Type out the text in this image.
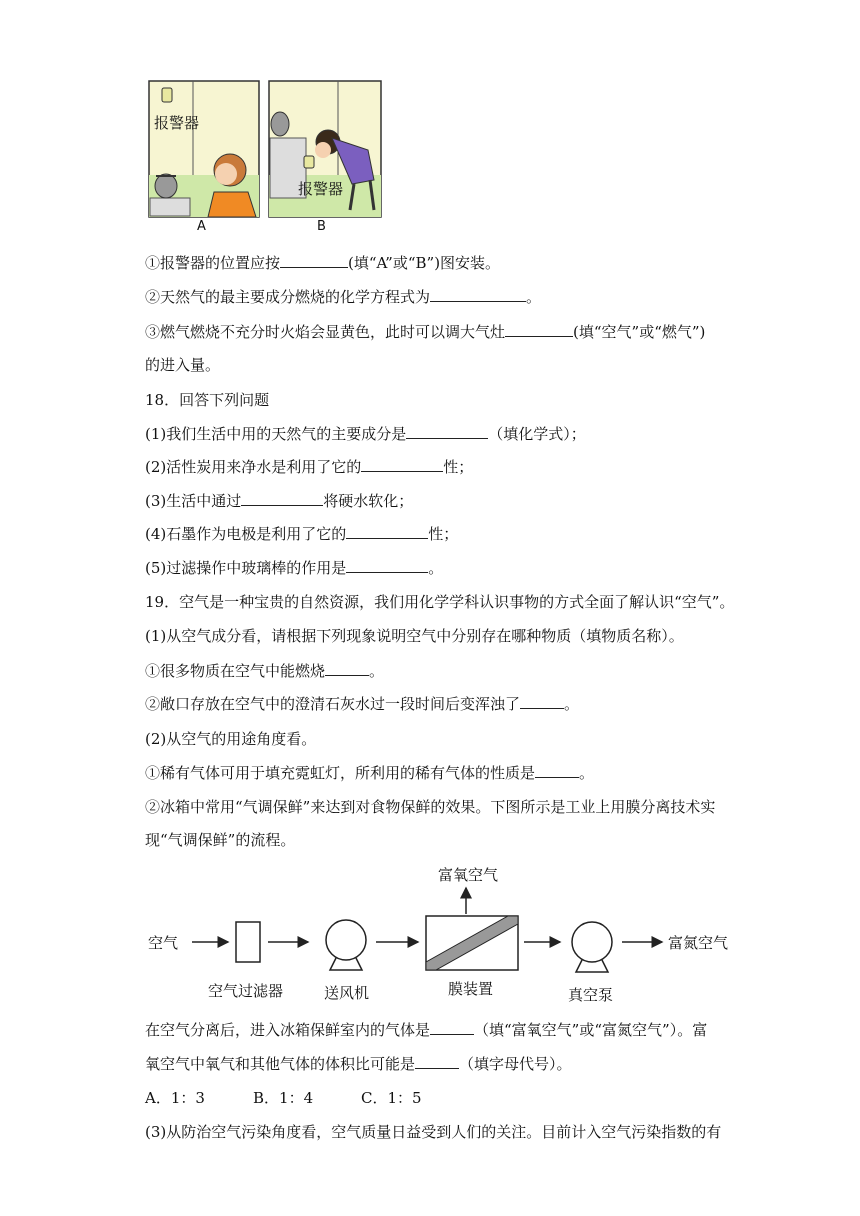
报警器
A
报警器
B
①报警器的位置应按	(填“A”或“B”)图安装。
②天然气的最主要成分燃烧的化学方程式为	。
③燃气燃烧不充分时火焰会显黄色，此时可以调大气灶	(填“空气”或“燃气”)
的进入量。
18．回答下列问题
(1)我们生活中用的天然气的主要成分是	（填化学式）；
(2)活性炭用来净水是利用了它的	性；
(3)生活中通过	将硬水软化；
(4)石墨作为电极是利用了它的	性；
(5)过滤操作中玻璃棒的作用是	。
19．空气是一种宝贵的自然资源，我们用化学学科认识事物的方式全面了解认识“空气”。
(1)从空气成分看，请根据下列现象说明空气中分别存在哪种物质（填物质名称）。
①很多物质在空气中能燃烧	。
②敞口存放在空气中的澄清石灰水过一段时间后变浑浊了	。
(2)从空气的用途角度看。
①稀有气体可用于填充霓虹灯，所利用的稀有气体的性质是	。
②冰箱中常用“气调保鲜”来达到对食物保鲜的效果。下图所示是工业上用膜分离技术实
现“气调保鲜”的流程。
空气
空气过滤器	送风机	膜装置	真空泵
富氧空气
富氮空气
在空气分离后，进入冰箱保鲜室内的气体是	（填“富氧空气”或“富氮空气”）。富
氧空气中氧气和其他气体的体积比可能是	（填字母代号）。
A．1：3	B．1：4	C．1：5
(3)从防治空气污染角度看，空气质量日益受到人们的关注。目前计入空气污染指数的有
